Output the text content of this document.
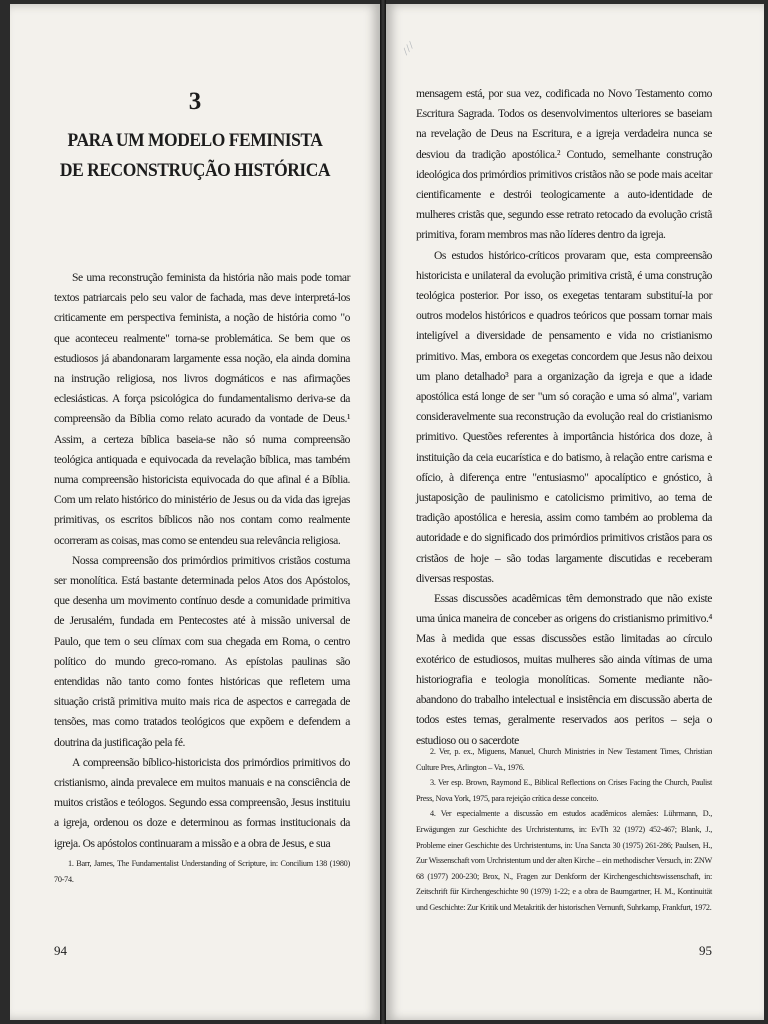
3
PARA UM MODELO FEMINISTA
DE RECONSTRUÇÃO HISTÓRICA

Se uma reconstrução feminista da história não mais pode tomar textos patriarcais pelo seu valor de fachada, mas deve interpretá-los criticamente em perspectiva feminista, a noção de história como "o que aconteceu realmente" torna-se problemática. Se bem que os estudiosos já abandonaram largamente essa noção, ela ainda domina na instrução religiosa, nos livros dogmáticos e nas afirmações eclesiásticas. A força psicológica do fundamentalismo deriva-se da compreensão da Bíblia como relato acurado da vontade de Deus.¹ Assim, a certeza bíblica baseia-se não só numa compreensão teológica antiquada e equivocada da revelação bíblica, mas também numa compreensão historicista equivocada do que afinal é a Bíblia. Com um relato histórico do ministério de Jesus ou da vida das igrejas primitivas, os escritos bíblicos não nos contam como realmente ocorreram as coisas, mas como se entendeu sua relevância religiosa.

Nossa compreensão dos primórdios primitivos cristãos costuma ser monolítica. Está bastante determinada pelos Atos dos Apóstolos, que desenha um movimento contínuo desde a comunidade primitiva de Jerusalém, fundada em Pentecostes até à missão universal de Paulo, que tem o seu clímax com sua chegada em Roma, o centro político do mundo greco-romano. As epístolas paulinas são entendidas não tanto como fontes históricas que refletem uma situação cristã primitiva muito mais rica de aspectos e carregada de tensões, mas como tratados teológicos que expõem e defendem a doutrina da justificação pela fé.

A compreensão bíblico-historicista dos primórdios primitivos do cristianismo, ainda prevalece em muitos manuais e na consciência de muitos cristãos e teólogos. Segundo essa compreensão, Jesus instituiu a igreja, ordenou os doze e determinou as formas institucionais da igreja. Os apóstolos continuaram a missão e a obra de Jesus, e sua

1. Barr, James, The Fundamentalist Understanding of Scripture, in: Concilium 138 (1980) 70-74.

94
⁄ ⁄ ⁄

mensagem está, por sua vez, codificada no Novo Testamento como Escritura Sagrada. Todos os desenvolvimentos ulteriores se baseiam na revelação de Deus na Escritura, e a igreja verdadeira nunca se desviou da tradição apostólica.² Contudo, semelhante construção ideológica dos primórdios primitivos cristãos não se pode mais aceitar cientificamente e destrói teologicamente a auto-identidade de mulheres cristãs que, segundo esse retrato retocado da evolução cristã primitiva, foram membros mas não líderes dentro da igreja.

Os estudos histórico-críticos provaram que, esta compreensão historicista e unilateral da evolução primitiva cristã, é uma construção teológica posterior. Por isso, os exegetas tentaram substituí-la por outros modelos históricos e quadros teóricos que possam tornar mais inteligível a diversidade de pensamento e vida no cristianismo primitivo. Mas, embora os exegetas concordem que Jesus não deixou um plano detalhado³ para a organização da igreja e que a idade apostólica está longe de ser "um só coração e uma só alma", variam consideravelmente sua reconstrução da evolução real do cristianismo primitivo. Questões referentes à importância histórica dos doze, à instituição da ceia eucarística e do batismo, à relação entre carisma e ofício, à diferença entre "entusiasmo" apocalíptico e gnóstico, à justaposição de paulinismo e catolicismo primitivo, ao tema de tradição apostólica e heresia, assim como também ao problema da autoridade e do significado dos primórdios primitivos cristãos para os cristãos de hoje – são todas largamente discutidas e receberam diversas respostas.

Essas discussões acadêmicas têm demonstrado que não existe uma única maneira de conceber as origens do cristianismo primitivo.⁴ Mas à medida que essas discussões estão limitadas ao círculo exotérico de estudiosos, muitas mulheres são ainda vítimas de uma historiografia e teologia monolíticas. Somente mediante não-abandono do trabalho intelectual e insistência em discussão aberta de todos estes temas, geralmente reservados aos peritos – seja o estudioso ou o sacerdote

2. Ver, p. ex., Miguens, Manuel, Church Ministries in New Testament Times, Christian Culture Pres, Arlington – Va., 1976.

3. Ver esp. Brown, Raymond E., Biblical Reflections on Crises Facing the Church, Paulist Press, Nova York, 1975, para rejeição crítica desse conceito.

4. Ver especialmente a discussão em estudos acadêmicos alemães: Lührmann, D., Erwägungen zur Geschichte des Urchristentums, in: EvTh 32 (1972) 452-467; Blank, J., Probleme einer Geschichte des Urchristentums, in: Una Sancta 30 (1975) 261-286; Paulsen, H., Zur Wissenschaft vom Urchristentum und der alten Kirche – ein methodischer Versuch, in: ZNW 68 (1977) 200-230; Brox, N., Fragen zur Denkform der Kirchengeschichtswissenschaft, in: Zeitschrift für Kirchengeschichte 90 (1979) 1-22; e a obra de Baumgartner, H. M., Kontinuität und Geschichte: Zur Kritik und Metakritik der historischen Vernunft, Suhrkamp, Frankfurt, 1972.

95
